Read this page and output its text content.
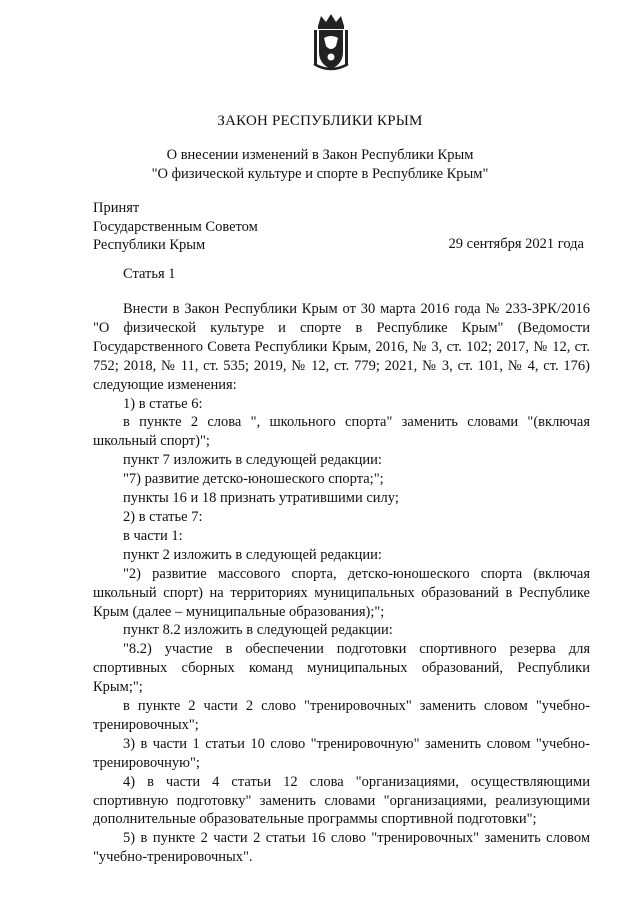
ЗАКОН РЕСПУБЛИКИ КРЫМ
О внесении изменений в Закон Республики Крым
"О физической культуре и спорте в Республике Крым"
Принят
Государственным Советом
Республики Крым	29 сентября 2021 года
Статья 1

Внести в Закон Республики Крым от 30 марта 2016 года № 233-ЗРК/2016 "О физической культуре и спорте в Республике Крым" (Ведомости Государственного Совета Республики Крым, 2016, № 3, ст. 102; 2017, № 12, ст. 752; 2018, № 11, ст. 535; 2019, № 12, ст. 779; 2021, № 3, ст. 101, № 4, ст. 176) следующие изменения:

1) в статье 6:

в пункте 2 слова ", школьного спорта" заменить словами "(включая школьный спорт)";

пункт 7 изложить в следующей редакции:

"7) развитие детско-юношеского спорта;";

пункты 16 и 18 признать утратившими силу;

2) в статье 7:

в части 1:

пункт 2 изложить в следующей редакции:

"2) развитие массового спорта, детско-юношеского спорта (включая школьный спорт) на территориях муниципальных образований в Республике Крым (далее – муниципальные образования);";

пункт 8.2 изложить в следующей редакции:

"8.2) участие в обеспечении подготовки спортивного резерва для спортивных сборных команд муниципальных образований, Республики Крым;";

в пункте 2 части 2 слово "тренировочных" заменить словом "учебно-тренировочных";

3) в части 1 статьи 10 слово "тренировочную" заменить словом "учебно-тренировочную";

4) в части 4 статьи 12 слова "организациями, осуществляющими спортивную подготовку" заменить словами "организациями, реализующими дополнительные образовательные программы спортивной подготовки";

5) в пункте 2 части 2 статьи 16 слово "тренировочных" заменить словом "учебно-тренировочных".
